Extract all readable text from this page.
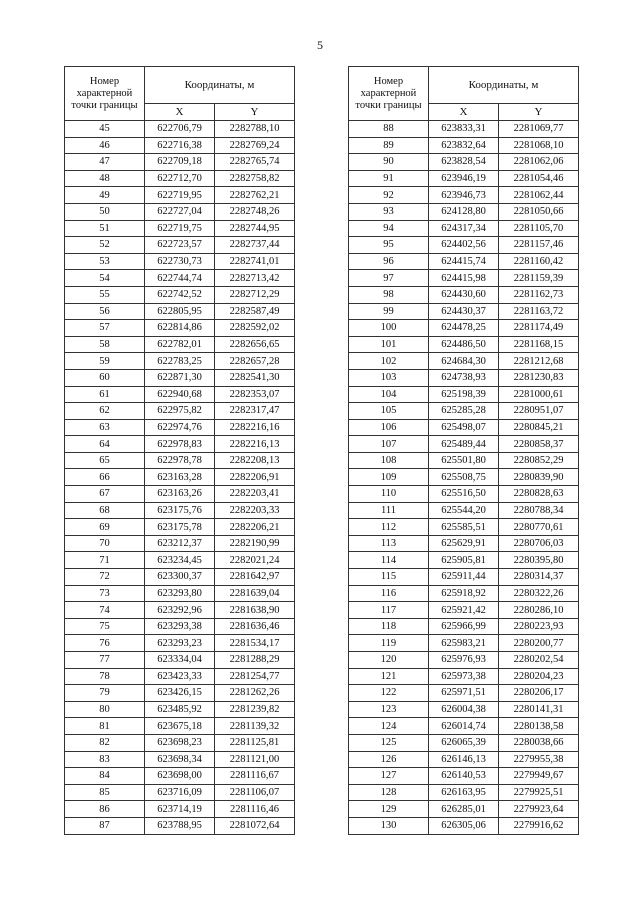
5
Номер характерной точки границы	Координаты, м	
	X	Y
45	622706,79	2282788,10
46	622716,38	2282769,24
47	622709,18	2282765,74
48	622712,70	2282758,82
49	622719,95	2282762,21
50	622727,04	2282748,26
51	622719,75	2282744,95
52	622723,57	2282737,44
53	622730,73	2282741,01
54	622744,74	2282713,42
55	622742,52	2282712,29
56	622805,95	2282587,49
57	622814,86	2282592,02
58	622782,01	2282656,65
59	622783,25	2282657,28
60	622871,30	2282541,30
61	622940,68	2282353,07
62	622975,82	2282317,47
63	622974,76	2282216,16
64	622978,83	2282216,13
65	622978,78	2282208,13
66	623163,28	2282206,91
67	623163,26	2282203,41
68	623175,76	2282203,33
69	623175,78	2282206,21
70	623212,37	2282190,99
71	623234,45	2282021,24
72	623300,37	2281642,97
73	623293,80	2281639,04
74	623292,96	2281638,90
75	623293,38	2281636,46
76	623293,23	2281534,17
77	623334,04	2281288,29
78	623423,33	2281254,77
79	623426,15	2281262,26
80	623485,92	2281239,82
81	623675,18	2281139,32
82	623698,23	2281125,81
83	623698,34	2281121,00
84	623698,00	2281116,67
85	623716,09	2281106,07
86	623714,19	2281116,46
87	623788,95	2281072,64
Номер характерной точки границы	Координаты, м	
	X	Y
88	623833,31	2281069,77
89	623832,64	2281068,10
90	623828,54	2281062,06
91	623946,19	2281054,46
92	623946,73	2281062,44
93	624128,80	2281050,66
94	624317,34	2281105,70
95	624402,56	2281157,46
96	624415,74	2281160,42
97	624415,98	2281159,39
98	624430,60	2281162,73
99	624430,37	2281163,72
100	624478,25	2281174,49
101	624486,50	2281168,15
102	624684,30	2281212,68
103	624738,93	2281230,83
104	625198,39	2281000,61
105	625285,28	2280951,07
106	625498,07	2280845,21
107	625489,44	2280858,37
108	625501,80	2280852,29
109	625508,75	2280839,90
110	625516,50	2280828,63
111	625544,20	2280788,34
112	625585,51	2280770,61
113	625629,91	2280706,03
114	625905,81	2280395,80
115	625911,44	2280314,37
116	625918,92	2280322,26
117	625921,42	2280286,10
118	625966,99	2280223,93
119	625983,21	2280200,77
120	625976,93	2280202,54
121	625973,38	2280204,23
122	625971,51	2280206,17
123	626004,38	2280141,31
124	626014,74	2280138,58
125	626065,39	2280038,66
126	626146,13	2279955,38
127	626140,53	2279949,67
128	626163,95	2279925,51
129	626285,01	2279923,64
130	626305,06	2279916,62
